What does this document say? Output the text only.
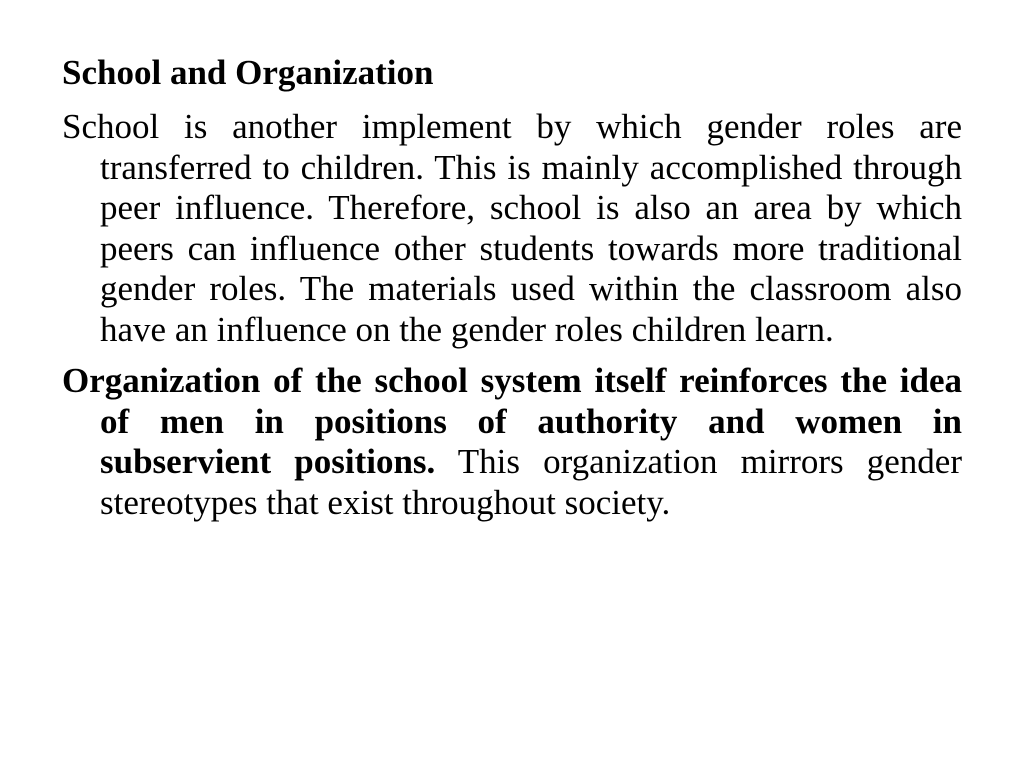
School and Organization

School is another implement by which gender roles are transferred to children. This is mainly accomplished through peer influence. Therefore, school is also an area by which peers can influence other students towards more traditional gender roles. The materials used within the classroom also have an influence on the gender roles children learn.

Organization of the school system itself reinforces the idea of men in positions of authority and women in subservient positions. This organization mirrors gender stereotypes that exist throughout society.
